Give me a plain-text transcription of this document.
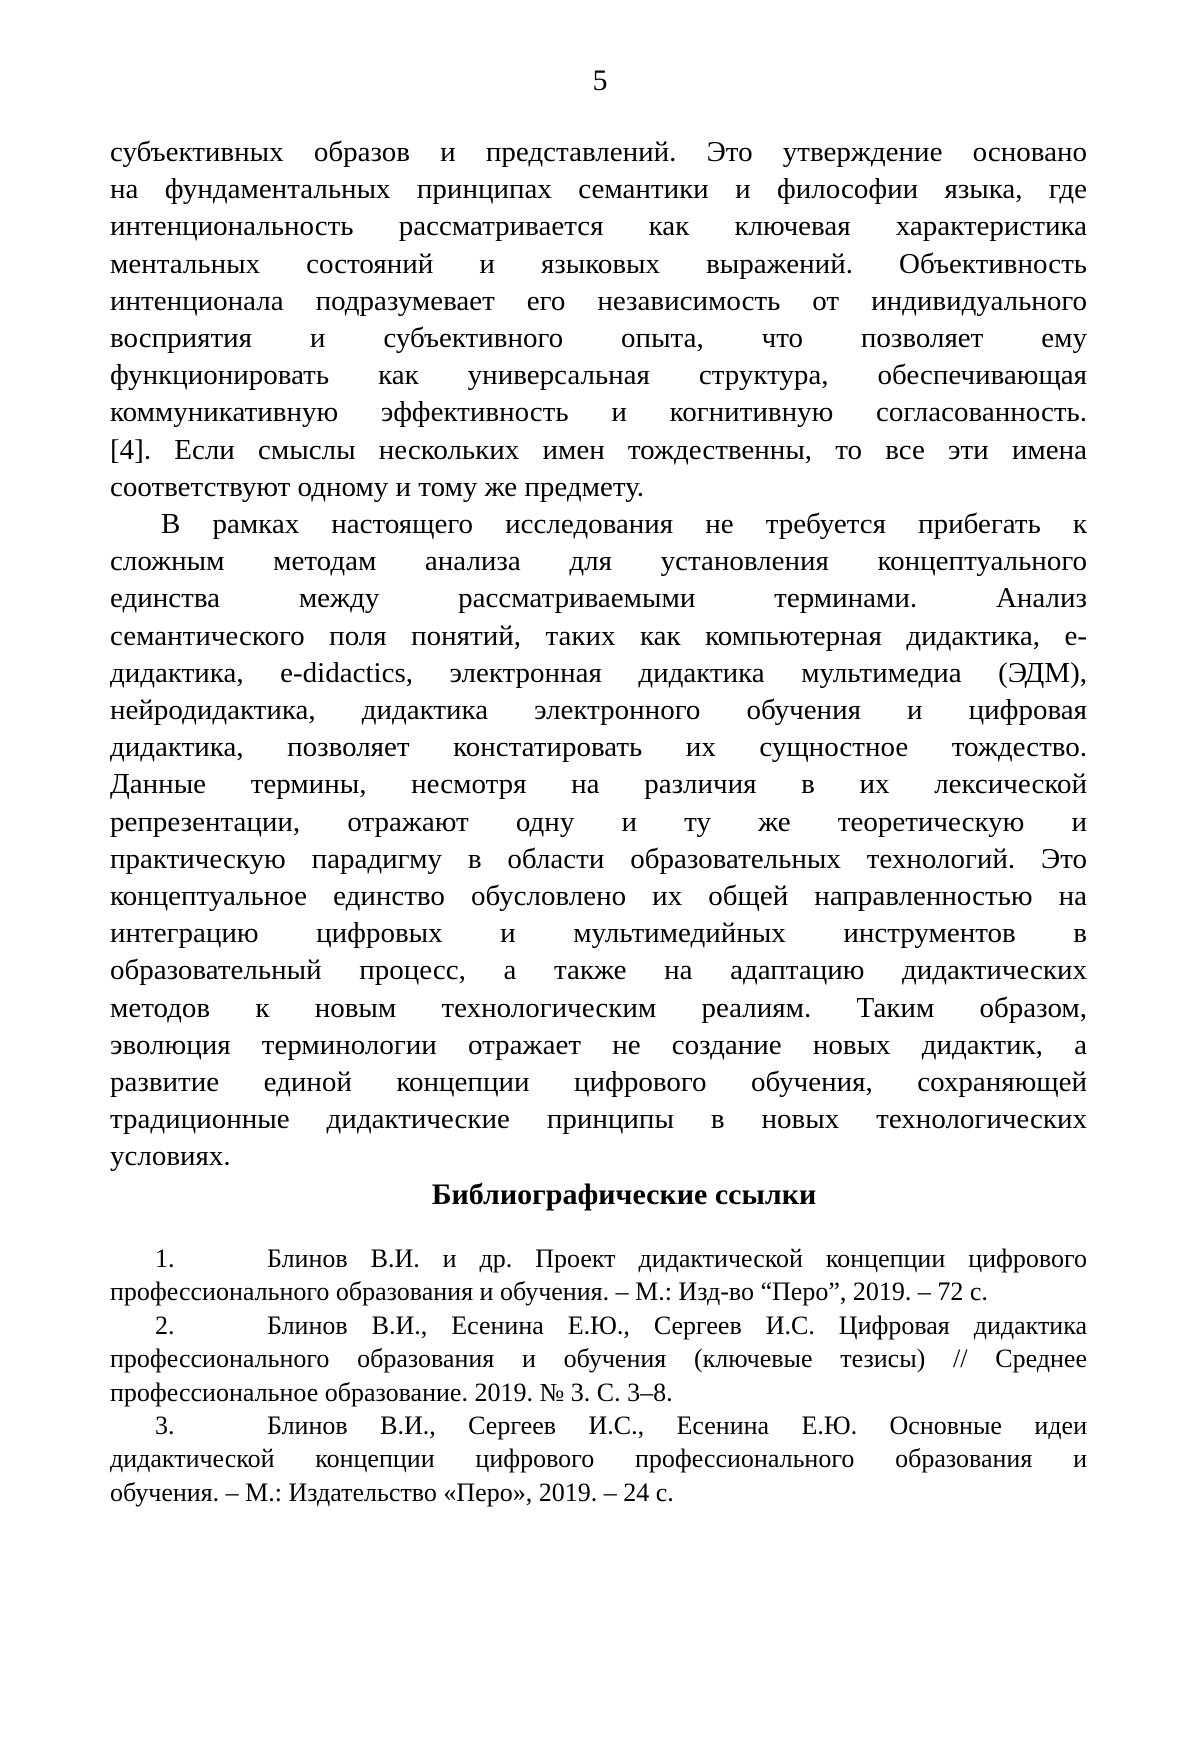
5
субъективных образов и представлений. Это утверждение основано
на фундаментальных принципах семантики и философии языка, где
интенциональность рассматривается как ключевая характеристика
ментальных состояний и языковых выражений. Объективность
интенционала подразумевает его независимость от индивидуального
восприятия и субъективного опыта, что позволяет ему
функционировать как универсальная структура, обеспечивающая
коммуникативную эффективность и когнитивную согласованность.
[4]. Если смыслы нескольких имен тождественны, то все эти имена
соответствуют одному и тому же предмету.
В рамках настоящего исследования не требуется прибегать к
сложным методам анализа для установления концептуального
единства между рассматриваемыми терминами. Анализ
семантического поля понятий, таких как компьютерная дидактика, е-
дидактика, e-didactics, электронная дидактика мультимедиа (ЭДМ),
нейродидактика, дидактика электронного обучения и цифровая
дидактика, позволяет констатировать их сущностное тождество.
Данные термины, несмотря на различия в их лексической
репрезентации, отражают одну и ту же теоретическую и
практическую парадигму в области образовательных технологий. Это
концептуальное единство обусловлено их общей направленностью на
интеграцию цифровых и мультимедийных инструментов в
образовательный процесс, а также на адаптацию дидактических
методов к новым технологическим реалиям. Таким образом,
эволюция терминологии отражает не создание новых дидактик, а
развитие единой концепции цифрового обучения, сохраняющей
традиционные дидактические принципы в новых технологических
условиях.
Библиографические ссылки
1.	Блинов В.И. и др. Проект дидактической концепции цифрового
профессионального образования и обучения. – М.: Изд-во “Перо”, 2019. – 72 с.
2.	Блинов В.И., Есенина Е.Ю., Сергеев И.С. Цифровая дидактика
профессионального образования и обучения (ключевые тезисы) // Среднее
профессиональное образование. 2019. № 3. С. 3–8.
3.	Блинов В.И., Сергеев И.С., Есенина Е.Ю. Основные идеи
дидактической концепции цифрового профессионального образования и
обучения. – М.: Издательство «Перо», 2019. – 24 с.
